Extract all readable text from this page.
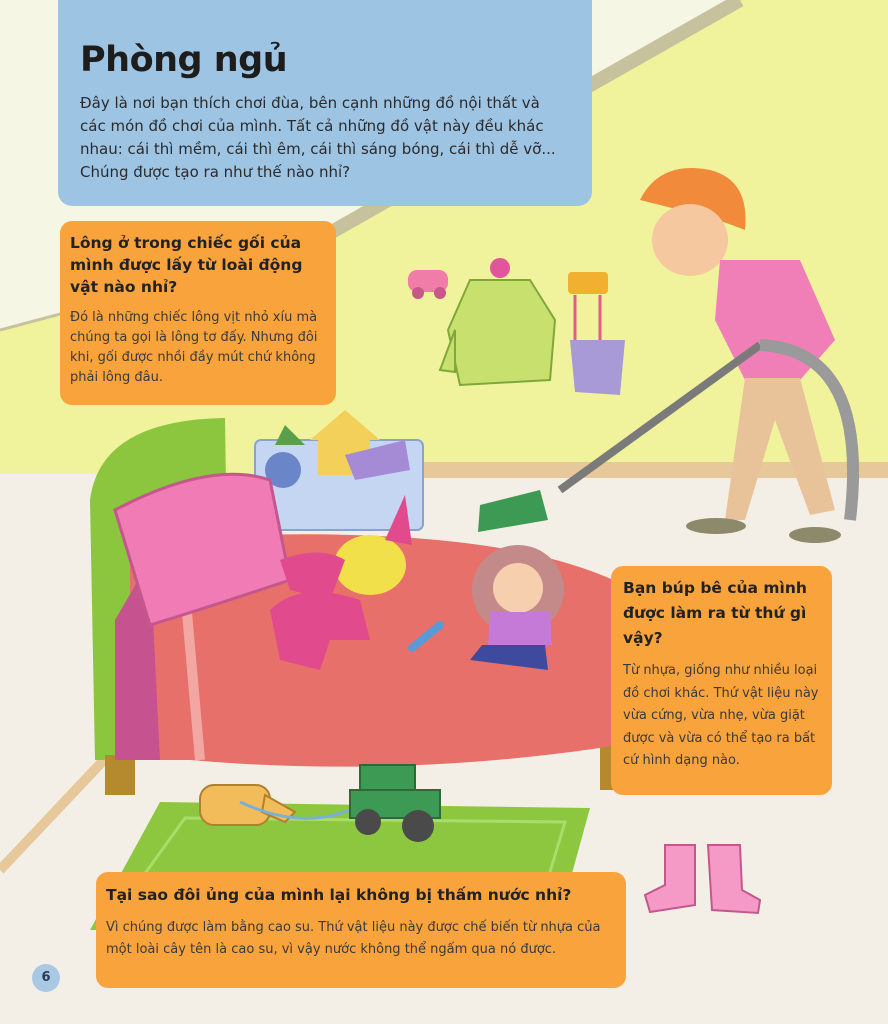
Phòng ngủ

Đây là nơi bạn thích chơi đùa, bên cạnh những đồ nội thất và các món đồ chơi của mình. Tất cả những đồ vật này đều khác nhau: cái thì mềm, cái thì êm, cái thì sáng bóng, cái thì dễ vỡ... Chúng được tạo ra như thế nào nhỉ?

Lông ở trong chiếc gối của mình được lấy từ loài động vật nào nhỉ?

Đó là những chiếc lông vịt nhỏ xíu mà chúng ta gọi là lông tơ đấy. Nhưng đôi khi, gối được nhồi đầy mút chứ không phải lông đâu.

Bạn búp bê của mình được làm ra từ thứ gì vậy?

Từ nhựa, giống như nhiều loại đồ chơi khác. Thứ vật liệu này vừa cứng, vừa nhẹ, vừa giặt được và vừa có thể tạo ra bất cứ hình dạng nào.

Tại sao đôi ủng của mình lại không bị thấm nước nhỉ?

Vì chúng được làm bằng cao su. Thứ vật liệu này được chế biến từ nhựa của một loài cây tên là cao su, vì vậy nước không thể ngấm qua nó được.

6
